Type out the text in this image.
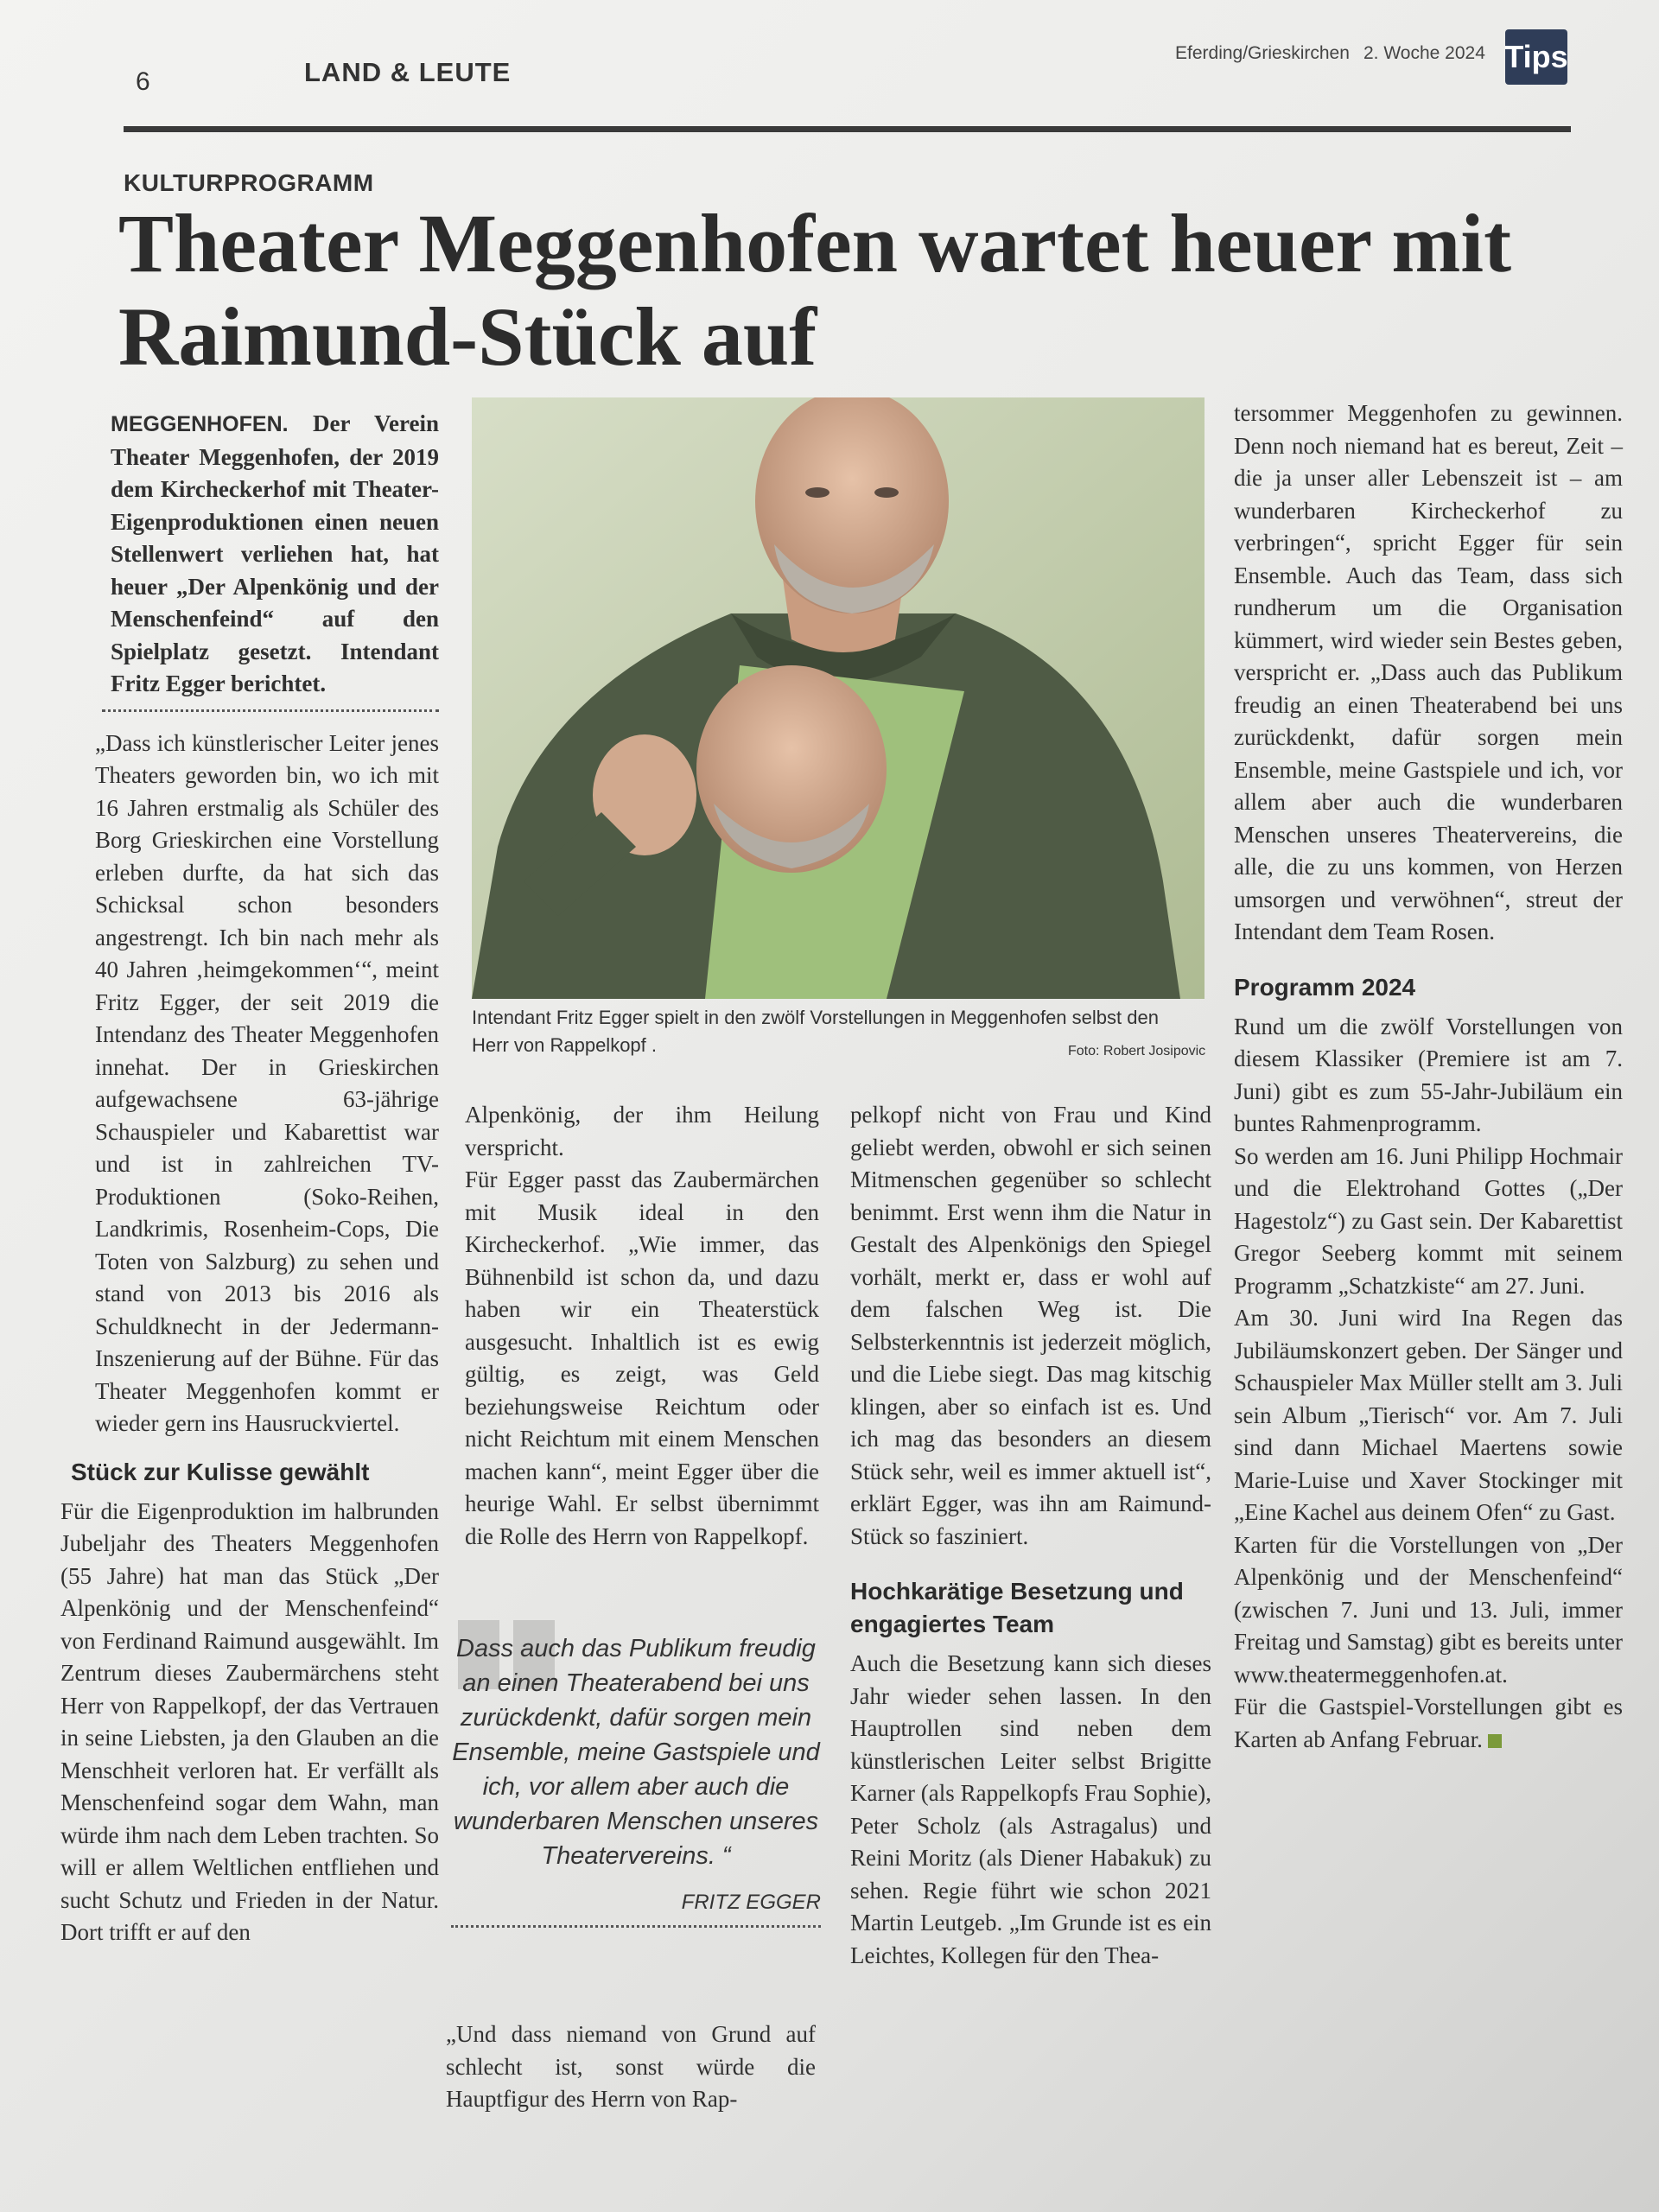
6	LAND & LEUTE
Eferding/Grieskirchen 2. Woche 2024 Tips
KULTURPROGRAMM
Theater Meggenhofen wartet heuer mit Raimund-Stück auf

MEGGENHOFEN. Der Verein Theater Meggenhofen, der 2019 dem Kircheckerhof mit Theater-Eigenproduktionen einen neuen Stellenwert verliehen hat, hat heuer „Der Alpenkönig und der Menschenfeind“ auf den Spielplatz gesetzt. Intendant Fritz Egger berichtet.

„Dass ich künstlerischer Leiter jenes Theaters geworden bin, wo ich mit 16 Jahren erstmalig als Schüler des Borg Grieskirchen eine Vorstellung erleben durfte, da hat sich das Schicksal schon besonders angestrengt. Ich bin nach mehr als 40 Jahren ‚heimgekommen‘“, meint Fritz Egger, der seit 2019 die Intendanz des Theater Meggenhofen innehat. Der in Grieskirchen aufgewachsene 63-jährige Schauspieler und Kabarettist war und ist in zahlreichen TV-Produktionen (Soko-Reihen, Landkrimis, Rosenheim-Cops, Die Toten von Salzburg) zu sehen und stand von 2013 bis 2016 als Schuldknecht in der Jedermann-Inszenierung auf der Bühne. Für das Theater Meggenhofen kommt er wieder gern ins Hausruckviertel.

Stück zur Kulisse gewählt

Für die Eigenproduktion im halbrunden Jubeljahr des Theaters Meggenhofen (55 Jahre) hat man das Stück „Der Alpenkönig und der Menschenfeind“ von Ferdinand Raimund ausgewählt. Im Zentrum dieses Zaubermärchens steht Herr von Rappelkopf, der das Vertrauen in seine Liebsten, ja den Glauben an die Menschheit verloren hat. Er verfällt als Menschenfeind sogar dem Wahn, man würde ihm nach dem Leben trachten. So will er allem Weltlichen entfliehen und sucht Schutz und Frieden in der Natur. Dort trifft er auf den

Intendant Fritz Egger spielt in den zwölf Vorstellungen in Meggenhofen selbst den Herr von Rappelkopf .	Foto: Robert Josipovic

Alpenkönig, der ihm Heilung verspricht.

Für Egger passt das Zaubermärchen mit Musik ideal in den Kircheckerhof. „Wie immer, das Bühnenbild ist schon da, und dazu haben wir ein Theaterstück ausgesucht. Inhaltlich ist es ewig gültig, es zeigt, was Geld beziehungsweise Reichtum oder nicht Reichtum mit einem Menschen machen kann“, meint Egger über die heurige Wahl. Er selbst übernimmt die Rolle des Herrn von Rappelkopf.

Dass auch das Publikum freudig an einen Theaterabend bei uns zurückdenkt, dafür sorgen mein Ensemble, meine Gastspiele und ich, vor allem aber auch die wunderbaren Menschen unseres Theatervereins. “
FRITZ EGGER

„Und dass niemand von Grund auf schlecht ist, sonst würde die Hauptfigur des Herrn von Rap-

pelkopf nicht von Frau und Kind geliebt werden, obwohl er sich seinen Mitmenschen gegenüber so schlecht benimmt. Erst wenn ihm die Natur in Gestalt des Alpenkönigs den Spiegel vorhält, merkt er, dass er wohl auf dem falschen Weg ist. Die Selbsterkenntnis ist jederzeit möglich, und die Liebe siegt. Das mag kitschig klingen, aber so einfach ist es. Und ich mag das besonders an diesem Stück sehr, weil es immer aktuell ist“, erklärt Egger, was ihn am Raimund-Stück so fasziniert.

Hochkarätige Besetzung und engagiertes Team

Auch die Besetzung kann sich dieses Jahr wieder sehen lassen. In den Hauptrollen sind neben dem künstlerischen Leiter selbst Brigitte Karner (als Rappelkopfs Frau Sophie), Peter Scholz (als Astragalus) und Reini Moritz (als Diener Habakuk) zu sehen. Regie führt wie schon 2021 Martin Leutgeb. „Im Grunde ist es ein Leichtes, Kollegen für den Thea-

tersommer Meggenhofen zu gewinnen. Denn noch niemand hat es bereut, Zeit – die ja unser aller Lebenszeit ist – am wunderbaren Kircheckerhof zu verbringen“, spricht Egger für sein Ensemble. Auch das Team, dass sich rundherum um die Organisation kümmert, wird wieder sein Bestes geben, verspricht er. „Dass auch das Publikum freudig an einen Theaterabend bei uns zurückdenkt, dafür sorgen mein Ensemble, meine Gastspiele und ich, vor allem aber auch die wunderbaren Menschen unseres Theatervereins, die alle, die zu uns kommen, von Herzen umsorgen und verwöhnen“, streut der Intendant dem Team Rosen.

Programm 2024

Rund um die zwölf Vorstellungen von diesem Klassiker (Premiere ist am 7. Juni) gibt es zum 55-Jahr-Jubiläum ein buntes Rahmenprogramm.

So werden am 16. Juni Philipp Hochmair und die Elektrohand Gottes („Der Hagestolz“) zu Gast sein. Der Kabarettist Gregor Seeberg kommt mit seinem Programm „Schatzkiste“ am 27. Juni.

Am 30. Juni wird Ina Regen das Jubiläumskonzert geben. Der Sänger und Schauspieler Max Müller stellt am 3. Juli sein Album „Tierisch“ vor. Am 7. Juli sind dann Michael Maertens sowie Marie-Luise und Xaver Stockinger mit „Eine Kachel aus deinem Ofen“ zu Gast.

Karten für die Vorstellungen von „Der Alpenkönig und der Menschenfeind“ (zwischen 7. Juni und 13. Juli, immer Freitag und Samstag) gibt es bereits unter www.theatermeggenhofen.at.

Für die Gastspiel-Vorstellungen gibt es Karten ab Anfang Februar.
